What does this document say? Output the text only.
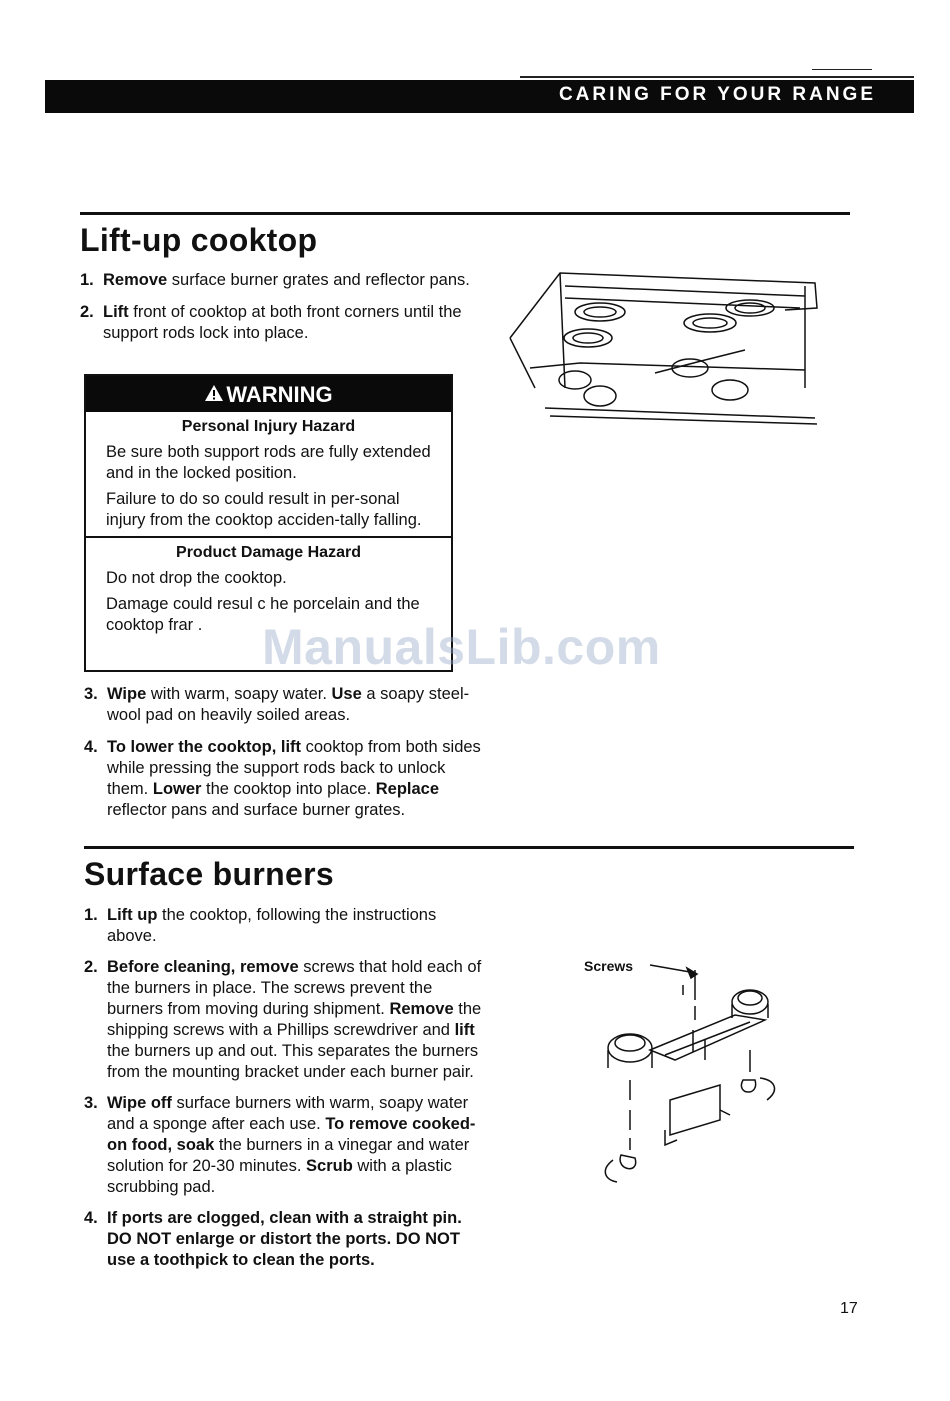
CARING FOR YOUR RANGE
Lift-up cooktop
1. Remove surface burner grates and reflector pans.
2. Lift front of cooktop at both front corners until the support rods lock into place.
WARNING
Personal Injury Hazard

Be sure both support rods are fully extended and in the locked position.

Failure to do so could result in per-sonal injury from the cooktop acciden-tally falling.

Product Damage Hazard

Do not drop the cooktop.

Damage could resul c he porcelain and the cooktop frar .

3. Wipe with warm, soapy water. Use a soapy steel-wool pad on heavily soiled areas.
4. To lower the cooktop, lift cooktop from both sides while pressing the support rods back to unlock them. Lower the cooktop into place. Replace reflector pans and surface burner grates.
Surface burners
1. Lift up the cooktop, following the instructions above.
2. Before cleaning, remove screws that hold each of the burners in place. The screws prevent the burners from moving during shipment. Remove the shipping screws with a Phillips screwdriver and lift the burners up and out. This separates the burners from the mounting bracket under each burner pair.
3. Wipe off surface burners with warm, soapy water and a sponge after each use. To remove cooked-on food, soak the burners in a vinegar and water solution for 20-30 minutes. Scrub with a plastic scrubbing pad.
4. If ports are clogged, clean with a straight pin. DO NOT enlarge or distort the ports. DO NOT use a toothpick to clean the ports.
Screws
ManualsLib.com
17
